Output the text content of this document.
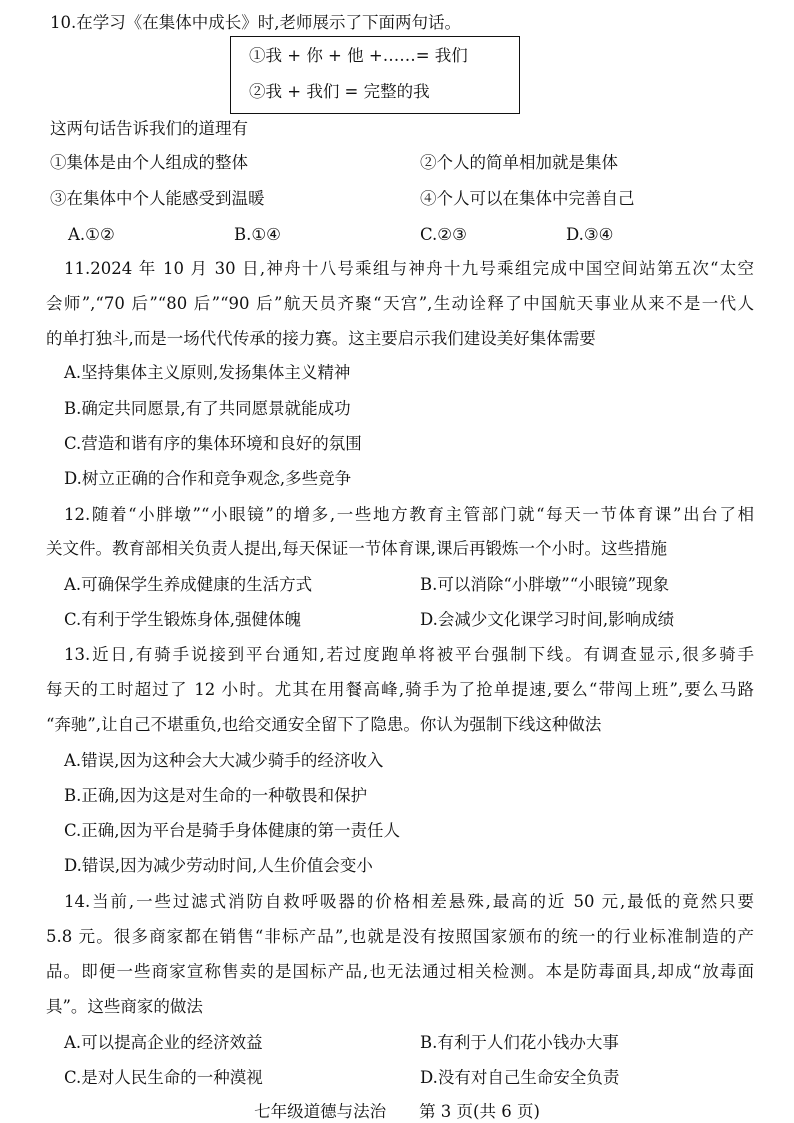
10.在学习《在集体中成长》时,老师展示了下面两句话。
①我 + 你 + 他 +……= 我们
②我 + 我们 = 完整的我
这两句话告诉我们的道理有
①集体是由个人组成的整体	②个人的简单相加就是集体
③在集体中个人能感受到温暖	④个人可以在集体中完善自己
A.①②	B.①④	C.②③	D.③④
11.2024 年 10 月 30 日,神舟十八号乘组与神舟十九号乘组完成中国空间站第五次“太空
会师”,“70 后”“80 后”“90 后”航天员齐聚“天宫”,生动诠释了中国航天事业从来不是一代人
的单打独斗,而是一场代代传承的接力赛。这主要启示我们建设美好集体需要
A.坚持集体主义原则,发扬集体主义精神
B.确定共同愿景,有了共同愿景就能成功
C.营造和谐有序的集体环境和良好的氛围
D.树立正确的合作和竞争观念,多些竞争
12.随着“小胖墩”“小眼镜”的增多,一些地方教育主管部门就“每天一节体育课”出台了相
关文件。教育部相关负责人提出,每天保证一节体育课,课后再锻炼一个小时。这些措施
A.可确保学生养成健康的生活方式	B.可以消除“小胖墩”“小眼镜”现象
C.有利于学生锻炼身体,强健体魄	D.会减少文化课学习时间,影响成绩
13.近日,有骑手说接到平台通知,若过度跑单将被平台强制下线。有调查显示,很多骑手
每天的工时超过了 12 小时。尤其在用餐高峰,骑手为了抢单提速,要么“带闯上班”,要么马路
“奔驰”,让自己不堪重负,也给交通安全留下了隐患。你认为强制下线这种做法
A.错误,因为这种会大大减少骑手的经济收入
B.正确,因为这是对生命的一种敬畏和保护
C.正确,因为平台是骑手身体健康的第一责任人
D.错误,因为减少劳动时间,人生价值会变小
14.当前,一些过滤式消防自救呼吸器的价格相差悬殊,最高的近 50 元,最低的竟然只要
5.8 元。很多商家都在销售“非标产品”,也就是没有按照国家颁布的统一的行业标准制造的产
品。即便一些商家宣称售卖的是国标产品,也无法通过相关检测。本是防毒面具,却成“放毒面
具”。这些商家的做法
A.可以提高企业的经济效益	B.有利于人们花小钱办大事
C.是对人民生命的一种漠视	D.没有对自己生命安全负责
七年级道德与法治　　第 3 页(共 6 页)
